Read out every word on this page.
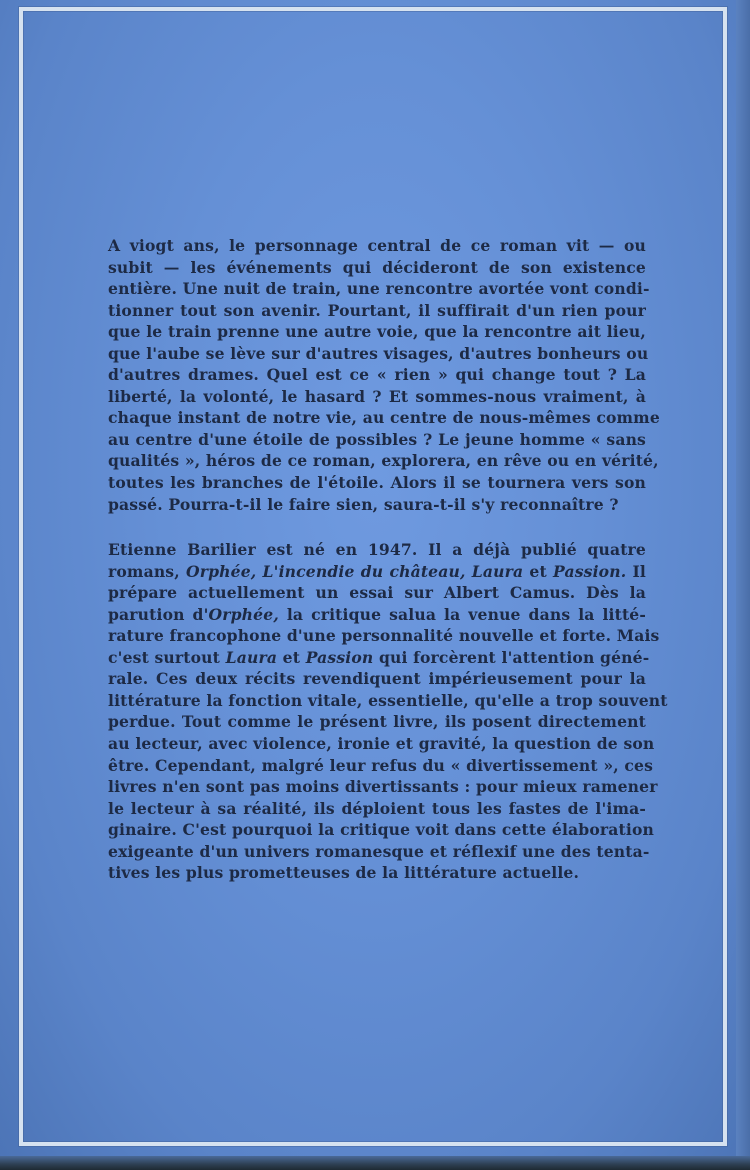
A viogt ans, le personnage central de ce roman vit — ou
subit — les événements qui décideront de son existence
entière. Une nuit de train, une rencontre avortée vont condi-
tionner tout son avenir. Pourtant, il suffirait d'un rien pour
que le train prenne une autre voie, que la rencontre ait lieu,
que l'aube se lève sur d'autres visages, d'autres bonheurs ou
d'autres drames. Quel est ce « rien » qui change tout ? La
liberté, la volonté, le hasard ? Et sommes-nous vraiment, à
chaque instant de notre vie, au centre de nous-mêmes comme
au centre d'une étoile de possibles ? Le jeune homme « sans
qualités », héros de ce roman, explorera, en rêve ou en vérité,
toutes les branches de l'étoile. Alors il se tournera vers son
passé. Pourra-t-il le faire sien, saura-t-il s'y reconnaître ?
Etienne Barilier est né en 1947. Il a déjà publié quatre
romans, Orphée, L'incendie du château, Laura et Passion. Il
prépare actuellement un essai sur Albert Camus. Dès la
parution d'Orphée, la critique salua la venue dans la litté-
rature francophone d'une personnalité nouvelle et forte. Mais
c'est surtout Laura et Passion qui forcèrent l'attention géné-
rale. Ces deux récits revendiquent impérieusement pour la
littérature la fonction vitale, essentielle, qu'elle a trop souvent
perdue. Tout comme le présent livre, ils posent directement
au lecteur, avec violence, ironie et gravité, la question de son
être. Cependant, malgré leur refus du « divertissement », ces
livres n'en sont pas moins divertissants : pour mieux ramener
le lecteur à sa réalité, ils déploient tous les fastes de l'ima-
ginaire. C'est pourquoi la critique voit dans cette élaboration
exigeante d'un univers romanesque et réflexif une des tenta-
tives les plus prometteuses de la littérature actuelle.
